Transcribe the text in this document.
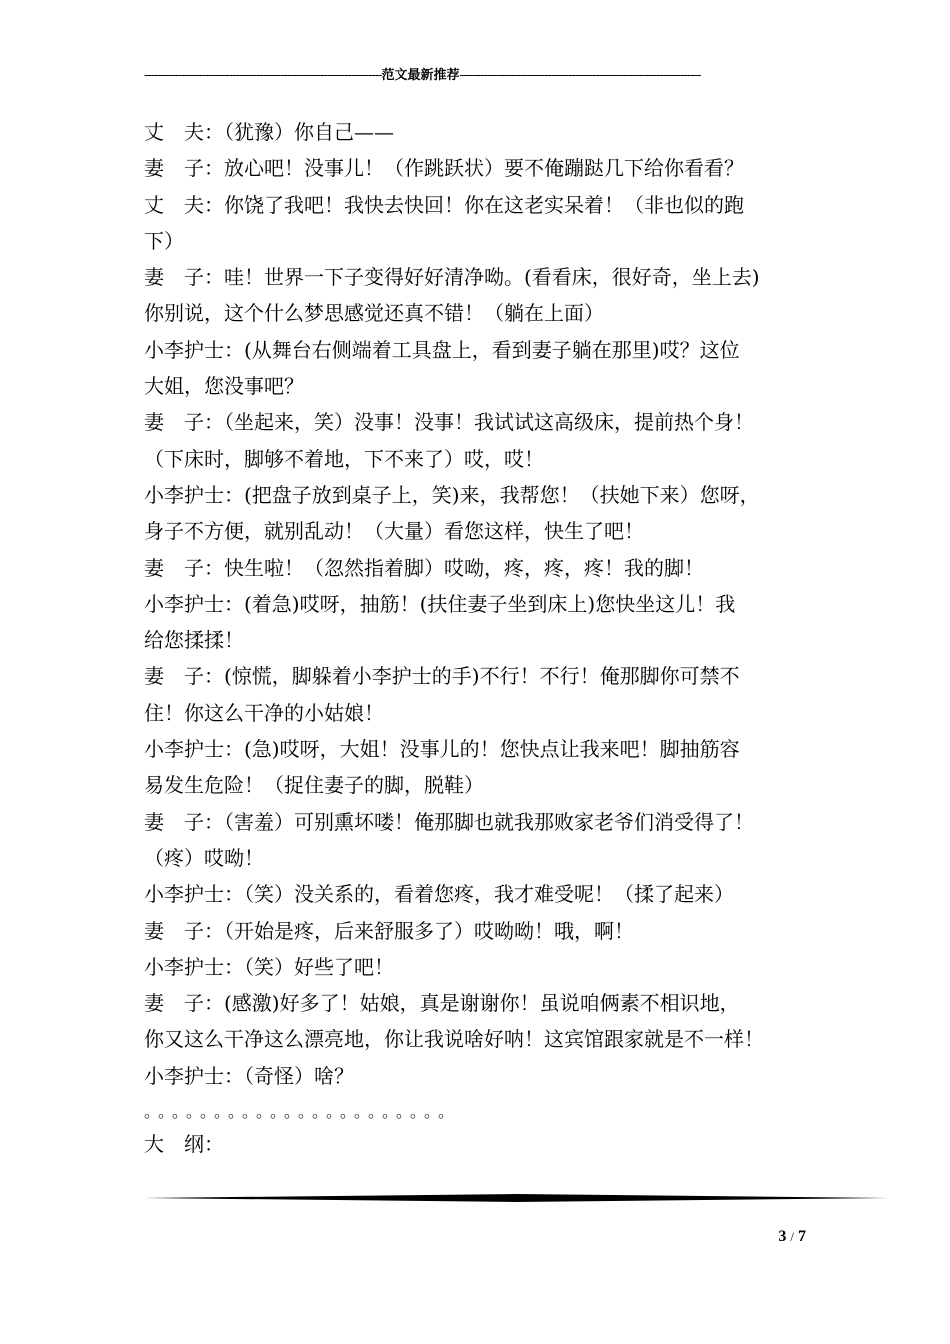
----------------------------------------------------------------------范文最新推荐-----------------------------------------------------------------------
丈　夫：（犹豫）你自己——
妻　子：放心吧！没事儿！（作跳跃状）要不俺蹦跶几下给你看看？
丈　夫：你饶了我吧！我快去快回！你在这老实呆着！（非也似的跑
下）
妻　子：哇！世界一下子变得好好清净呦。(看看床，很好奇，坐上去)
你别说，这个什么梦思感觉还真不错！（躺在上面）
小李护士：(从舞台右侧端着工具盘上，看到妻子躺在那里)哎？这位
大姐，您没事吧？
妻　子：（坐起来，笑）没事！没事！我试试这高级床，提前热个身！
（下床时，脚够不着地，下不来了）哎，哎！
小李护士：(把盘子放到桌子上，笑)来，我帮您！（扶她下来）您呀，
身子不方便，就别乱动！（大量）看您这样，快生了吧！
妻　子：快生啦！（忽然指着脚）哎呦，疼，疼，疼！我的脚！
小李护士：(着急)哎呀，抽筋！(扶住妻子坐到床上)您快坐这儿！我
给您揉揉！
妻　子：(惊慌，脚躲着小李护士的手)不行！不行！俺那脚你可禁不
住！你这么干净的小姑娘！
小李护士：(急)哎呀，大姐！没事儿的！您快点让我来吧！脚抽筋容
易发生危险！（捉住妻子的脚，脱鞋）
妻　子：（害羞）可别熏坏喽！俺那脚也就我那败家老爷们消受得了！
（疼）哎呦！
小李护士：（笑）没关系的，看着您疼，我才难受呢！（揉了起来）
妻　子：（开始是疼，后来舒服多了）哎呦呦！哦，啊！
小李护士：（笑）好些了吧！
妻　子：(感激)好多了！姑娘，真是谢谢你！虽说咱俩素不相识地，
你又这么干净这么漂亮地，你让我说啥好呐！这宾馆跟家就是不一样！
小李护士：（奇怪）啥？
。。。。。。。。。。。。。。。。。。。。。。
大　纲：
3 / 7
